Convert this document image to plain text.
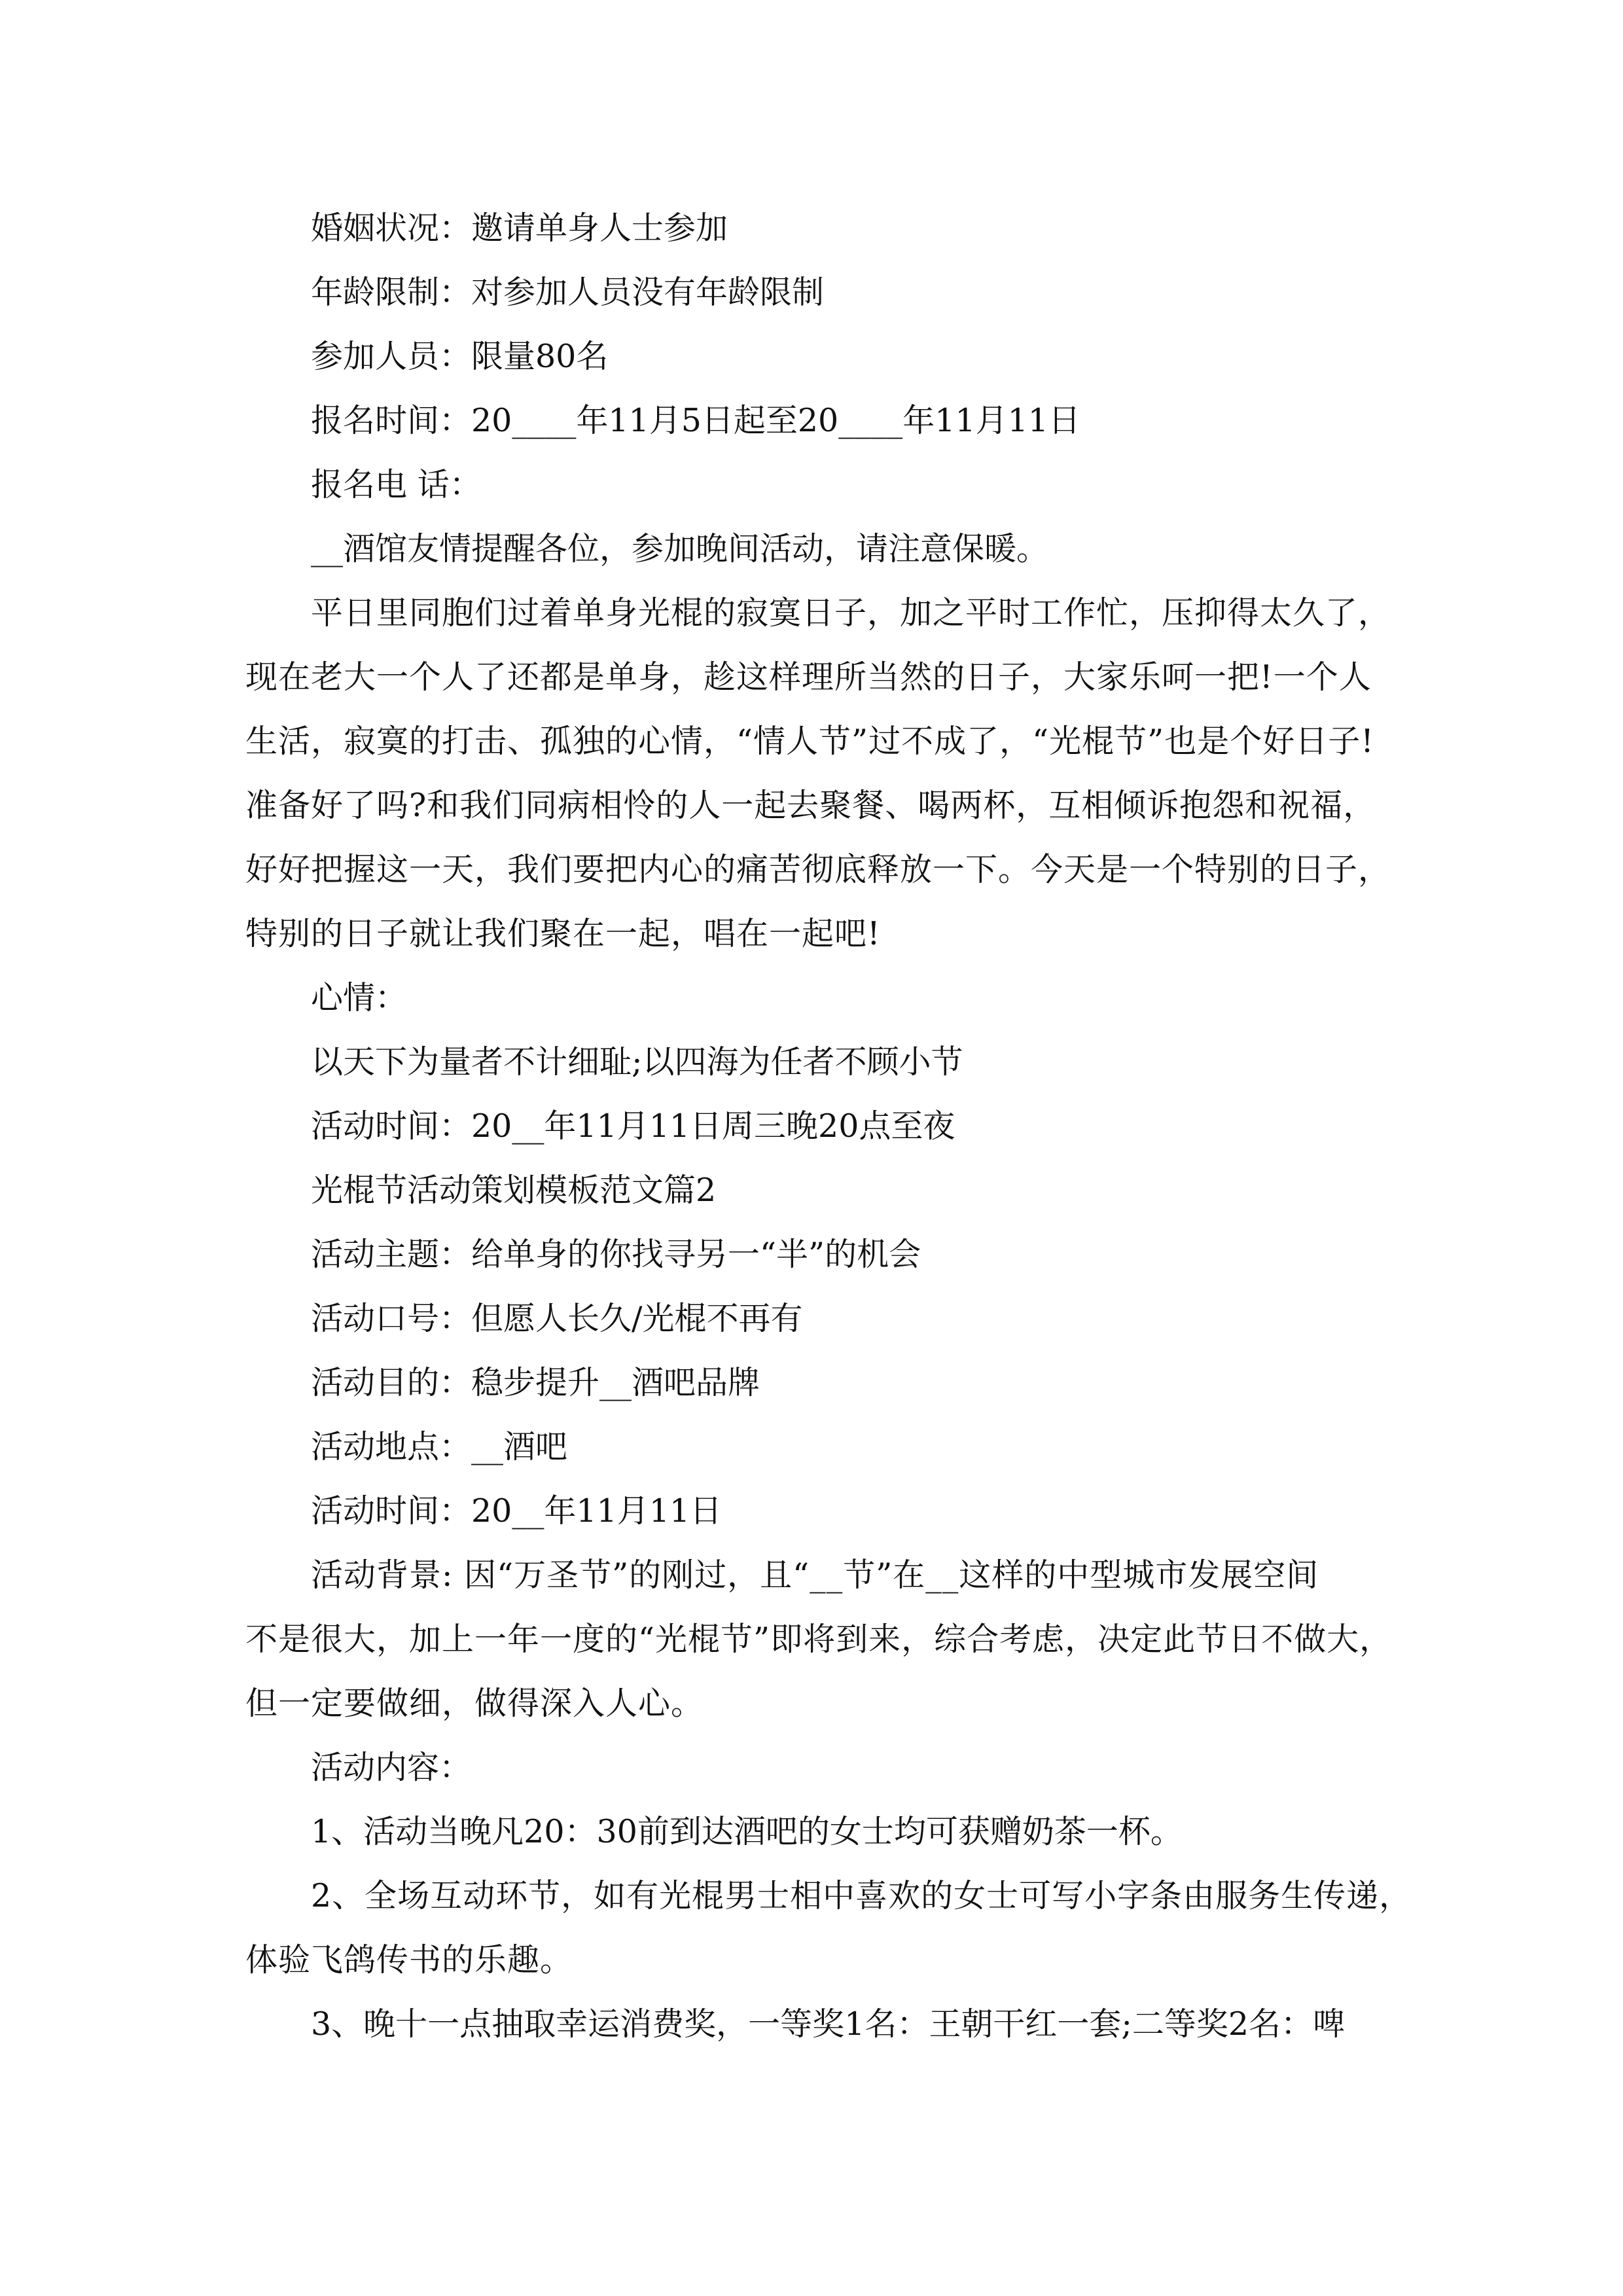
婚姻状况：邀请单身人士参加

年龄限制：对参加人员没有年龄限制

参加人员：限量80名

报名时间：20____年11月5日起至20____年11月11日

报名电 话：

__酒馆友情提醒各位，参加晚间活动，请注意保暖。

平日里同胞们过着单身光棍的寂寞日子，加之平时工作忙，压抑得太久了，
现在老大一个人了还都是单身，趁这样理所当然的日子，大家乐呵一把!一个人
生活，寂寞的打击、孤独的心情，“情人节”过不成了，“光棍节”也是个好日子!
准备好了吗?和我们同病相怜的人一起去聚餐、喝两杯，互相倾诉抱怨和祝福，
好好把握这一天，我们要把内心的痛苦彻底释放一下。今天是一个特别的日子，
特别的日子就让我们聚在一起，唱在一起吧!

心情：

以天下为量者不计细耻;以四海为任者不顾小节

活动时间：20__年11月11日周三晚20点至夜

光棍节活动策划模板范文篇2

活动主题：给单身的你找寻另一“半”的机会

活动口号：但愿人长久/光棍不再有

活动目的：稳步提升__酒吧品牌

活动地点：__酒吧

活动时间：20__年11月11日

活动背景: 因“万圣节”的刚过，且“__节”在__这样的中型城市发展空间
不是很大，加上一年一度的“光棍节”即将到来，综合考虑，决定此节日不做大，
但一定要做细，做得深入人心。

活动内容：

1、活动当晚凡20：30前到达酒吧的女士均可获赠奶茶一杯。

2、全场互动环节，如有光棍男士相中喜欢的女士可写小字条由服务生传递，
体验飞鸽传书的乐趣。

3、晚十一点抽取幸运消费奖，一等奖1名：王朝干红一套;二等奖2名：啤
